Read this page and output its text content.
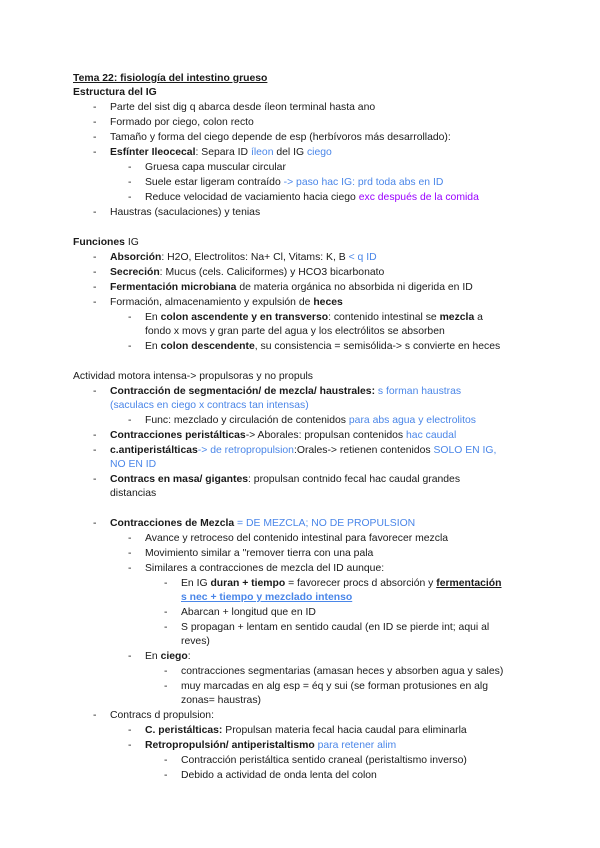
Tema 22: fisiología del intestino grueso
Estructura del IG
- Parte del sist dig q abarca desde íleon terminal hasta ano
- Formado por ciego, colon recto
- Tamaño y forma del ciego depende de esp (herbívoros más desarrollado):
- Esfínter Ileocecal: Separa ID íleon del IG ciego
- Gruesa capa muscular circular
- Suele estar ligeram contraído -> paso hac IG: prd toda abs en ID
- Reduce velocidad de vaciamiento hacia ciego exc después de la comida
- Haustras (saculaciones) y tenias
Funciones IG
- Absorción: H2O, Electrolitos: Na+ Cl, Vitams: K, B < q ID
- Secreción: Mucus (cels. Caliciformes) y HCO3 bicarbonato
- Fermentación microbiana de materia orgánica no absorbida ni digerida en ID
- Formación, almacenamiento y expulsión de heces
- En colon ascendente y en transverso: contenido intestinal se mezcla a
fondo x movs y gran parte del agua y los electrólitos se absorben
- En colon descendente, su consistencia = semisólida-> s convierte en heces
Actividad motora intensa-> propulsoras y no propuls
- Contracción de segmentación/ de mezcla/ haustrales: s forman haustras
(saculacs en ciego x contracs tan intensas)
- Func: mezclado y circulación de contenidos para abs agua y electrolitos
- Contracciones peristálticas-> Aborales: propulsan contenidos hac caudal
- c.antiperistálticas-> de retropropulsion:Orales-> retienen contenidos SOLO EN IG,
NO EN ID
- Contracs en masa/ gigantes: propulsan contnido fecal hac caudal grandes
distancias
- Contracciones de Mezcla = DE MEZCLA; NO DE PROPULSION
- Avance y retroceso del contenido intestinal para favorecer mezcla
- Movimiento similar a "remover tierra con una pala
- Similares a contracciones de mezcla del ID aunque:
- En IG duran + tiempo = favorecer procs d absorción y fermentación
s nec + tiempo y mezclado intenso
- Abarcan + longitud que en ID
- S propagan + lentam en sentido caudal (en ID se pierde int; aqui al
reves)
- En ciego:
- contracciones segmentarias (amasan heces y absorben agua y sales)
- muy marcadas en alg esp = éq y sui (se forman protusiones en alg
zonas= haustras)
- Contracs d propulsion:
- C. peristálticas: Propulsan materia fecal hacia caudal para eliminarla
- Retropropulsión/ antiperistaltismo para retener alim
- Contracción peristáltica sentido craneal (peristaltismo inverso)
- Debido a actividad de onda lenta del colon
